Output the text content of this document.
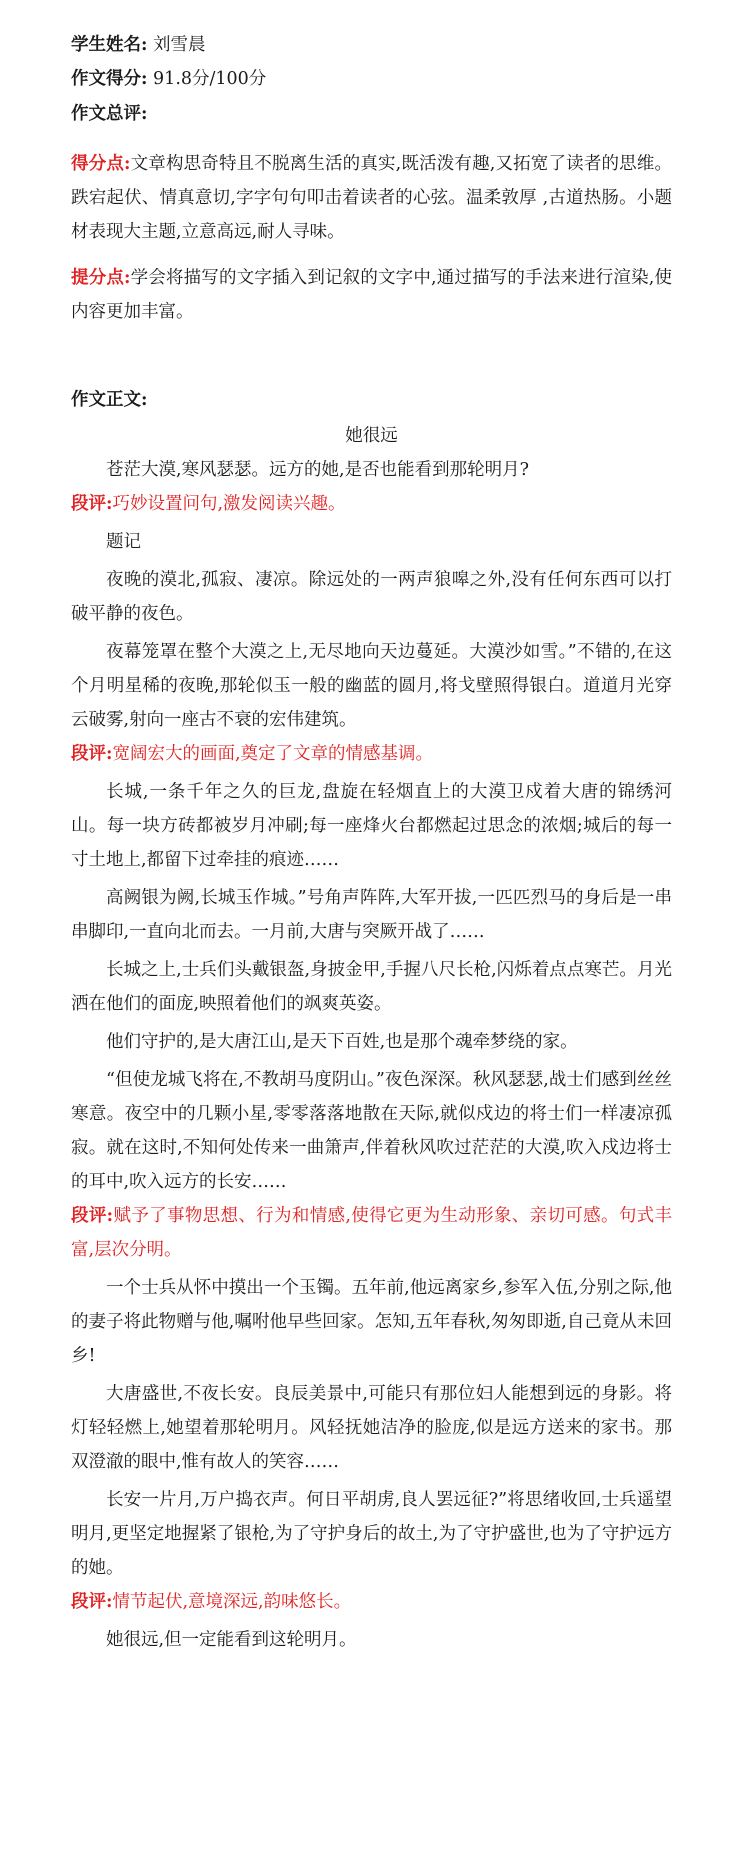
学生姓名: 刘雪晨

作文得分: 91.8分/100分

作文总评:

得分点:文章构思奇特且不脱离生活的真实,既活泼有趣,又拓宽了读者的思维。跌宕起伏、情真意切,字字句句叩击着读者的心弦。温柔敦厚 ,古道热肠。小题材表现大主题,立意高远,耐人寻味。

提分点:学会将描写的文字插入到记叙的文字中,通过描写的手法来进行渲染,使内容更加丰富。

作文正文:

她很远

苍茫大漠,寒风瑟瑟。远方的她,是否也能看到那轮明月?

段评:巧妙设置问句,激发阅读兴趣。

题记

夜晚的漠北,孤寂、凄凉。除远处的一两声狼嗥之外,没有任何东西可以打破平静的夜色。

夜幕笼罩在整个大漠之上,无尽地向天边蔓延。大漠沙如雪。”不错的,在这个月明星稀的夜晚,那轮似玉一般的幽蓝的圆月,将戈壁照得银白。道道月光穿云破雾,射向一座古不衰的宏伟建筑。

段评:宽阔宏大的画面,奠定了文章的情感基调。

长城,一条千年之久的巨龙,盘旋在轻烟直上的大漠卫戍着大唐的锦绣河山。每一块方砖都被岁月冲刷;每一座烽火台都燃起过思念的浓烟;城后的每一寸土地上,都留下过牵挂的痕迹……

高阙银为阙,长城玉作城。”号角声阵阵,大军开拔,一匹匹烈马的身后是一串串脚印,一直向北而去。一月前,大唐与突厥开战了……

长城之上,士兵们头戴银盔,身披金甲,手握八尺长枪,闪烁着点点寒芒。月光洒在他们的面庞,映照着他们的飒爽英姿。

他们守护的,是大唐江山,是天下百姓,也是那个魂牵梦绕的家。

“但使龙城飞将在,不教胡马度阴山。”夜色深深。秋风瑟瑟,战士们感到丝丝寒意。夜空中的几颗小星,零零落落地散在天际,就似戍边的将士们一样凄凉孤寂。就在这时,不知何处传来一曲箫声,伴着秋风吹过茫茫的大漠,吹入戍边将士的耳中,吹入远方的长安……

段评:赋予了事物思想、行为和情感,使得它更为生动形象、亲切可感。句式丰富,层次分明。

一个士兵从怀中摸出一个玉镯。五年前,他远离家乡,参军入伍,分别之际,他的妻子将此物赠与他,嘱咐他早些回家。怎知,五年春秋,匆匆即逝,自己竟从未回乡!

大唐盛世,不夜长安。良辰美景中,可能只有那位妇人能想到远的身影。将灯轻轻燃上,她望着那轮明月。风轻抚她洁净的脸庞,似是远方送来的家书。那双澄澈的眼中,惟有故人的笑容……

长安一片月,万户捣衣声。何日平胡虏,良人罢远征?”将思绪收回,士兵遥望明月,更坚定地握紧了银枪,为了守护身后的故土,为了守护盛世,也为了守护远方的她。

段评:情节起伏,意境深远,韵味悠长。

她很远,但一定能看到这轮明月。
